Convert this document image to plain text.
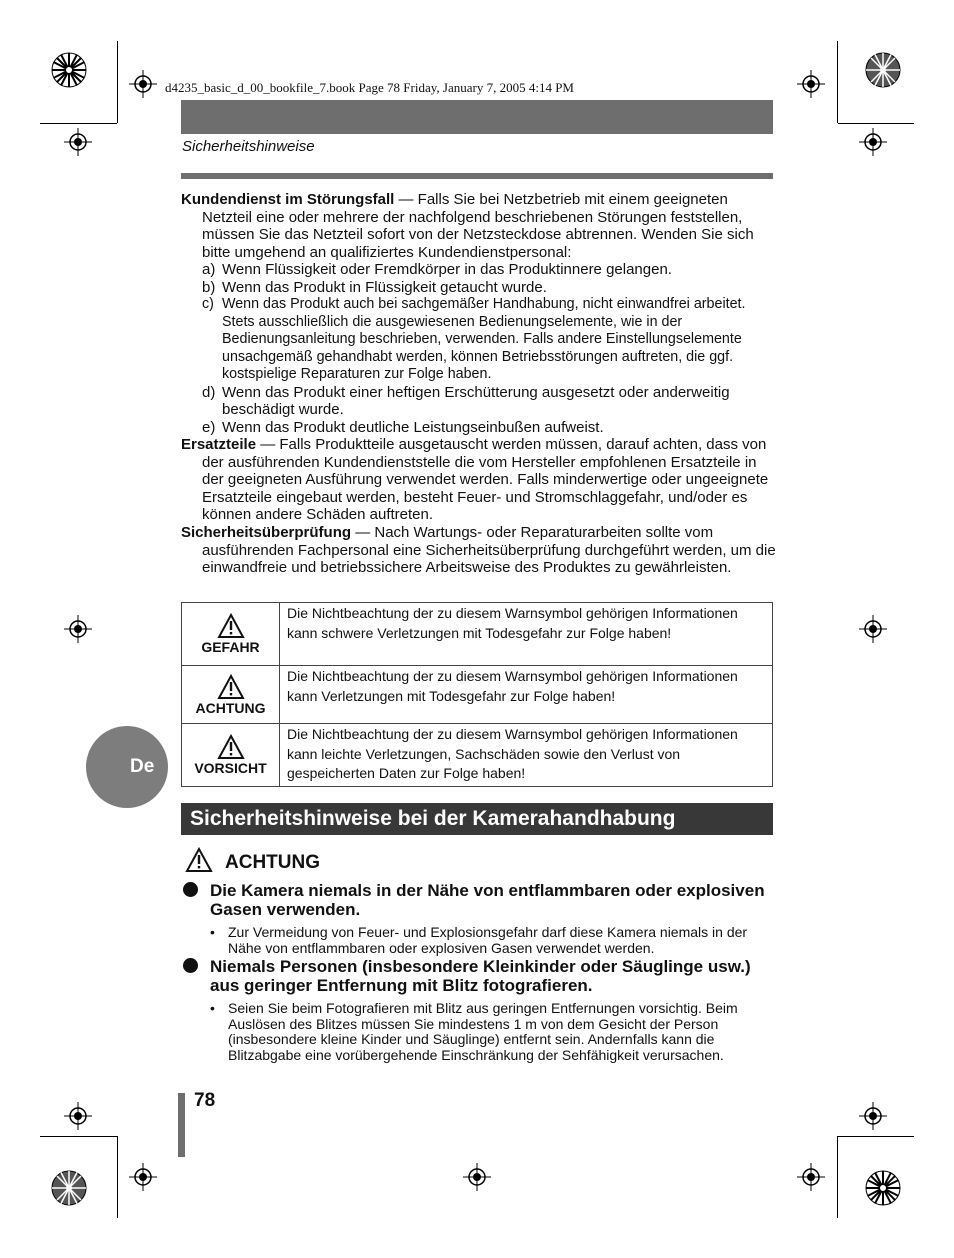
d4235_basic_d_00_bookfile_7.book Page 78 Friday, January 7, 2005 4:14 PM
Sicherheitshinweise

Kundendienst im Störungsfall — Falls Sie bei Netzbetrieb mit einem geeigneten Netzteil eine oder mehrere der nachfolgend beschriebenen Störungen feststellen, müssen Sie das Netzteil sofort von der Netzsteckdose abtrennen. Wenden Sie sich bitte umgehend an qualifiziertes Kundendienstpersonal:

a) Wenn Flüssigkeit oder Fremdkörper in das Produktinnere gelangen.

b) Wenn das Produkt in Flüssigkeit getaucht wurde.

c) Wenn das Produkt auch bei sachgemäßer Handhabung, nicht einwandfrei arbeitet. Stets ausschließlich die ausgewiesenen Bedienungselemente, wie in der Bedienungsanleitung beschrieben, verwenden. Falls andere Einstellungselemente unsachgemäß gehandhabt werden, können Betriebsstörungen auftreten, die ggf. kostspielige Reparaturen zur Folge haben.

d) Wenn das Produkt einer heftigen Erschütterung ausgesetzt oder anderweitig beschädigt wurde.

e) Wenn das Produkt deutliche Leistungseinbußen aufweist.

Ersatzteile — Falls Produktteile ausgetauscht werden müssen, darauf achten, dass von der ausführenden Kundendienststelle die vom Hersteller empfohlenen Ersatzteile in der geeigneten Ausführung verwendet werden. Falls minderwertige oder ungeeignete Ersatzteile eingebaut werden, besteht Feuer- und Stromschlaggefahr, und/oder es können andere Schäden auftreten.

Sicherheitsüberprüfung — Nach Wartungs- oder Reparaturarbeiten sollte vom ausführenden Fachpersonal eine Sicherheitsüberprüfung durchgeführt werden, um die einwandfreie und betriebssichere Arbeitsweise des Produktes zu gewährleisten.

GEFAHR	Die Nichtbeachtung der zu diesem Warnsymbol gehörigen Informationen kann schwere Verletzungen mit Todesgefahr zur Folge haben!

ACHTUNG	Die Nichtbeachtung der zu diesem Warnsymbol gehörigen Informationen kann Verletzungen mit Todesgefahr zur Folge haben!

VORSICHT	Die Nichtbeachtung der zu diesem Warnsymbol gehörigen Informationen kann leichte Verletzungen, Sachschäden sowie den Verlust von gespeicherten Daten zur Folge haben!
De
Sicherheitshinweise bei der Kamerahandhabung
ACHTUNG
Die Kamera niemals in der Nähe von entflammbaren oder explosiven Gasen verwenden.
• Zur Vermeidung von Feuer- und Explosionsgefahr darf diese Kamera niemals in der Nähe von entflammbaren oder explosiven Gasen verwendet werden.
Niemals Personen (insbesondere Kleinkinder oder Säuglinge usw.) aus geringer Entfernung mit Blitz fotografieren.
• Seien Sie beim Fotografieren mit Blitz aus geringen Entfernungen vorsichtig. Beim Auslösen des Blitzes müssen Sie mindestens 1 m von dem Gesicht der Person (insbesondere kleine Kinder und Säuglinge) entfernt sein. Andernfalls kann die Blitzabgabe eine vorübergehende Einschränkung der Sehfähigkeit verursachen.
78
